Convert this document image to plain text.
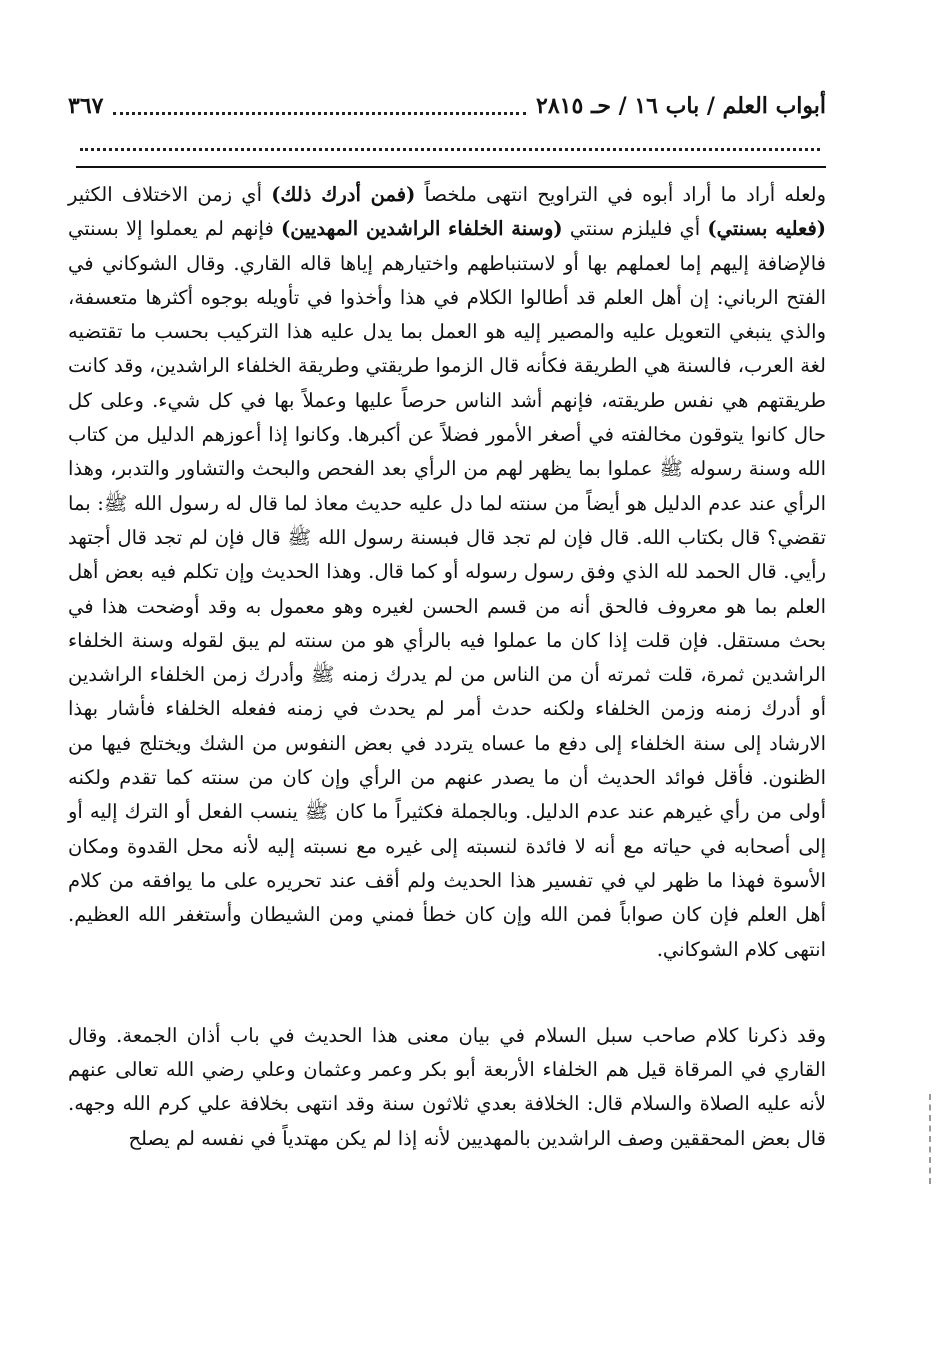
أبواب العلم / باب ١٦ / حـ ٢٨١٥
٣٦٧

ولعله أراد ما أراد أبوه في التراويح انتهى ملخصاً (فمن أدرك ذلك) أي زمن الاختلاف الكثير (فعليه بسنتي) أي فليلزم سنتي (وسنة الخلفاء الراشدين المهديين) فإنهم لم يعملوا إلا بسنتي فالإضافة إليهم إما لعملهم بها أو لاستنباطهم واختيارهم إياها قاله القاري. وقال الشوكاني في الفتح الرباني: إن أهل العلم قد أطالوا الكلام في هذا وأخذوا في تأويله بوجوه أكثرها متعسفة، والذي ينبغي التعويل عليه والمصير إليه هو العمل بما يدل عليه هذا التركيب بحسب ما تقتضيه لغة العرب، فالسنة هي الطريقة فكأنه قال الزموا طريقتي وطريقة الخلفاء الراشدين، وقد كانت طريقتهم هي نفس طريقته، فإنهم أشد الناس حرصاً عليها وعملاً بها في كل شيء. وعلى كل حال كانوا يتوقون مخالفته في أصغر الأمور فضلاً عن أكبرها. وكانوا إذا أعوزهم الدليل من كتاب الله وسنة رسوله ﷺ عملوا بما يظهر لهم من الرأي بعد الفحص والبحث والتشاور والتدبر، وهذا الرأي عند عدم الدليل هو أيضاً من سنته لما دل عليه حديث معاذ لما قال له رسول الله ﷺ: بما تقضي؟ قال بكتاب الله. قال فإن لم تجد قال فبسنة رسول الله ﷺ قال فإن لم تجد قال أجتهد رأيي. قال الحمد لله الذي وفق رسول رسوله أو كما قال. وهذا الحديث وإن تكلم فيه بعض أهل العلم بما هو معروف فالحق أنه من قسم الحسن لغيره وهو معمول به وقد أوضحت هذا في بحث مستقل. فإن قلت إذا كان ما عملوا فيه بالرأي هو من سنته لم يبق لقوله وسنة الخلفاء الراشدين ثمرة، قلت ثمرته أن من الناس من لم يدرك زمنه ﷺ وأدرك زمن الخلفاء الراشدين أو أدرك زمنه وزمن الخلفاء ولكنه حدث أمر لم يحدث في زمنه ففعله الخلفاء فأشار بهذا الارشاد إلى سنة الخلفاء إلى دفع ما عساه يتردد في بعض النفوس من الشك ويختلج فيها من الظنون. فأقل فوائد الحديث أن ما يصدر عنهم من الرأي وإن كان من سنته كما تقدم ولكنه أولى من رأي غيرهم عند عدم الدليل. وبالجملة فكثيراً ما كان ﷺ ينسب الفعل أو الترك إليه أو إلى أصحابه في حياته مع أنه لا فائدة لنسبته إلى غيره مع نسبته إليه لأنه محل القدوة ومكان الأسوة فهذا ما ظهر لي في تفسير هذا الحديث ولم أقف عند تحريره على ما يوافقه من كلام أهل العلم فإن كان صواباً فمن الله وإن كان خطأ فمني ومن الشيطان وأستغفر الله العظيم. انتهى كلام الشوكاني.

وقد ذكرنا كلام صاحب سبل السلام في بيان معنى هذا الحديث في باب أذان الجمعة. وقال القاري في المرقاة قيل هم الخلفاء الأربعة أبو بكر وعمر وعثمان وعلي رضي الله تعالى عنهم لأنه عليه الصلاة والسلام قال: الخلافة بعدي ثلاثون سنة وقد انتهى بخلافة علي كرم الله وجهه. قال بعض المحققين وصف الراشدين بالمهديين لأنه إذا لم يكن مهتدياً في نفسه لم يصلح
